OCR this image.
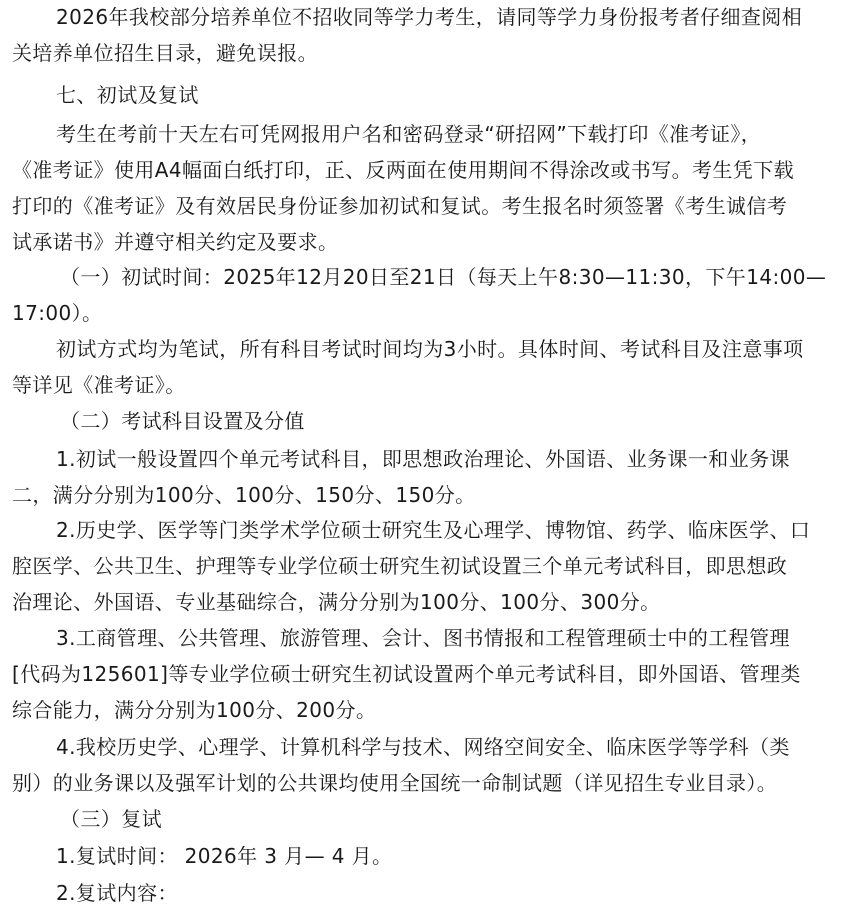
2026年我校部分培养单位不招收同等学力考生，请同等学力身份报考者仔细查阅相
关培养单位招生目录，避免误报。
七、初试及复试
考生在考前十天左右可凭网报用户名和密码登录“研招网”下载打印《准考证》，
《准考证》使用A4幅面白纸打印，正、反两面在使用期间不得涂改或书写。考生凭下载
打印的《准考证》及有效居民身份证参加初试和复试。考生报名时须签署《考生诚信考
试承诺书》并遵守相关约定及要求。
（一）初试时间：2025年12月20日至21日（每天上午8:30—11:30，下午14:00—
17:00）。
初试方式均为笔试，所有科目考试时间均为3小时。具体时间、考试科目及注意事项
等详见《准考证》。
（二）考试科目设置及分值
1.初试一般设置四个单元考试科目，即思想政治理论、外国语、业务课一和业务课
二，满分分别为100分、100分、150分、150分。
2.历史学、医学等门类学术学位硕士研究生及心理学、博物馆、药学、临床医学、口
腔医学、公共卫生、护理等专业学位硕士研究生初试设置三个单元考试科目，即思想政
治理论、外国语、专业基础综合，满分分别为100分、100分、300分。
3.工商管理、公共管理、旅游管理、会计、图书情报和工程管理硕士中的工程管理
[代码为125601]等专业学位硕士研究生初试设置两个单元考试科目，即外国语、管理类
综合能力，满分分别为100分、200分。
4.我校历史学、心理学、计算机科学与技术、网络空间安全、临床医学等学科（类
别）的业务课以及强军计划的公共课均使用全国统一命制试题（详见招生专业目录）。
（三）复试
1.复试时间： 2026年 3 月— 4 月。
2.复试内容：
